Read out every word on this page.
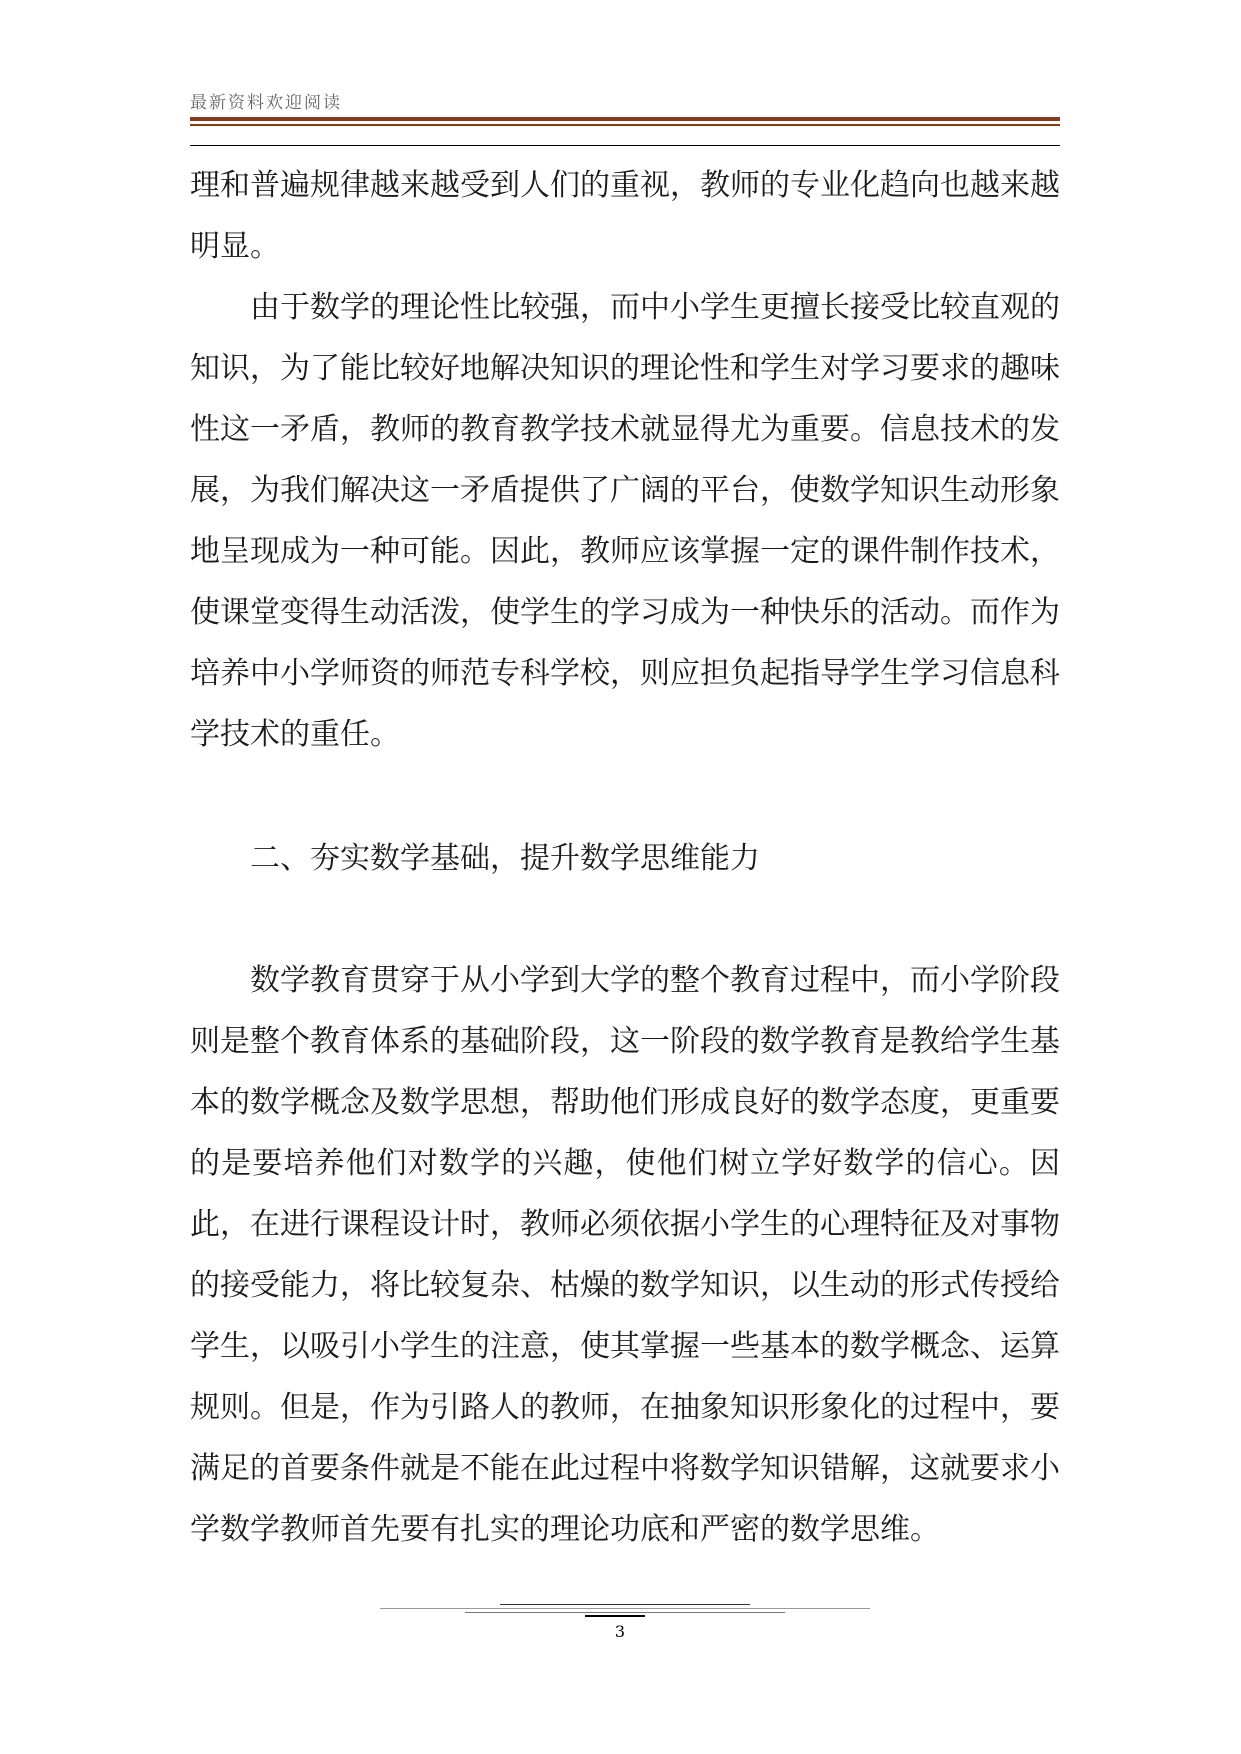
最新资料欢迎阅读

理和普遍规律越来越受到人们的重视，教师的专业化趋向也越来越明显。

由于数学的理论性比较强，而中小学生更擅长接受比较直观的知识，为了能比较好地解决知识的理论性和学生对学习要求的趣味性这一矛盾，教师的教育教学技术就显得尤为重要。信息技术的发展，为我们解决这一矛盾提供了广阔的平台，使数学知识生动形象地呈现成为一种可能。因此，教师应该掌握一定的课件制作技术，使课堂变得生动活泼，使学生的学习成为一种快乐的活动。而作为培养中小学师资的师范专科学校，则应担负起指导学生学习信息科学技术的重任。

二、夯实数学基础，提升数学思维能力

数学教育贯穿于从小学到大学的整个教育过程中，而小学阶段则是整个教育体系的基础阶段，这一阶段的数学教育是教给学生基本的数学概念及数学思想，帮助他们形成良好的数学态度，更重要的是要培养他们对数学的兴趣，使他们树立学好数学的信心。因此，在进行课程设计时，教师必须依据小学生的心理特征及对事物的接受能力，将比较复杂、枯燥的数学知识，以生动的形式传授给学生，以吸引小学生的注意，使其掌握一些基本的数学概念、运算规则。但是，作为引路人的教师，在抽象知识形象化的过程中，要满足的首要条件就是不能在此过程中将数学知识错解，这就要求小学数学教师首先要有扎实的理论功底和严密的数学思维。

3
